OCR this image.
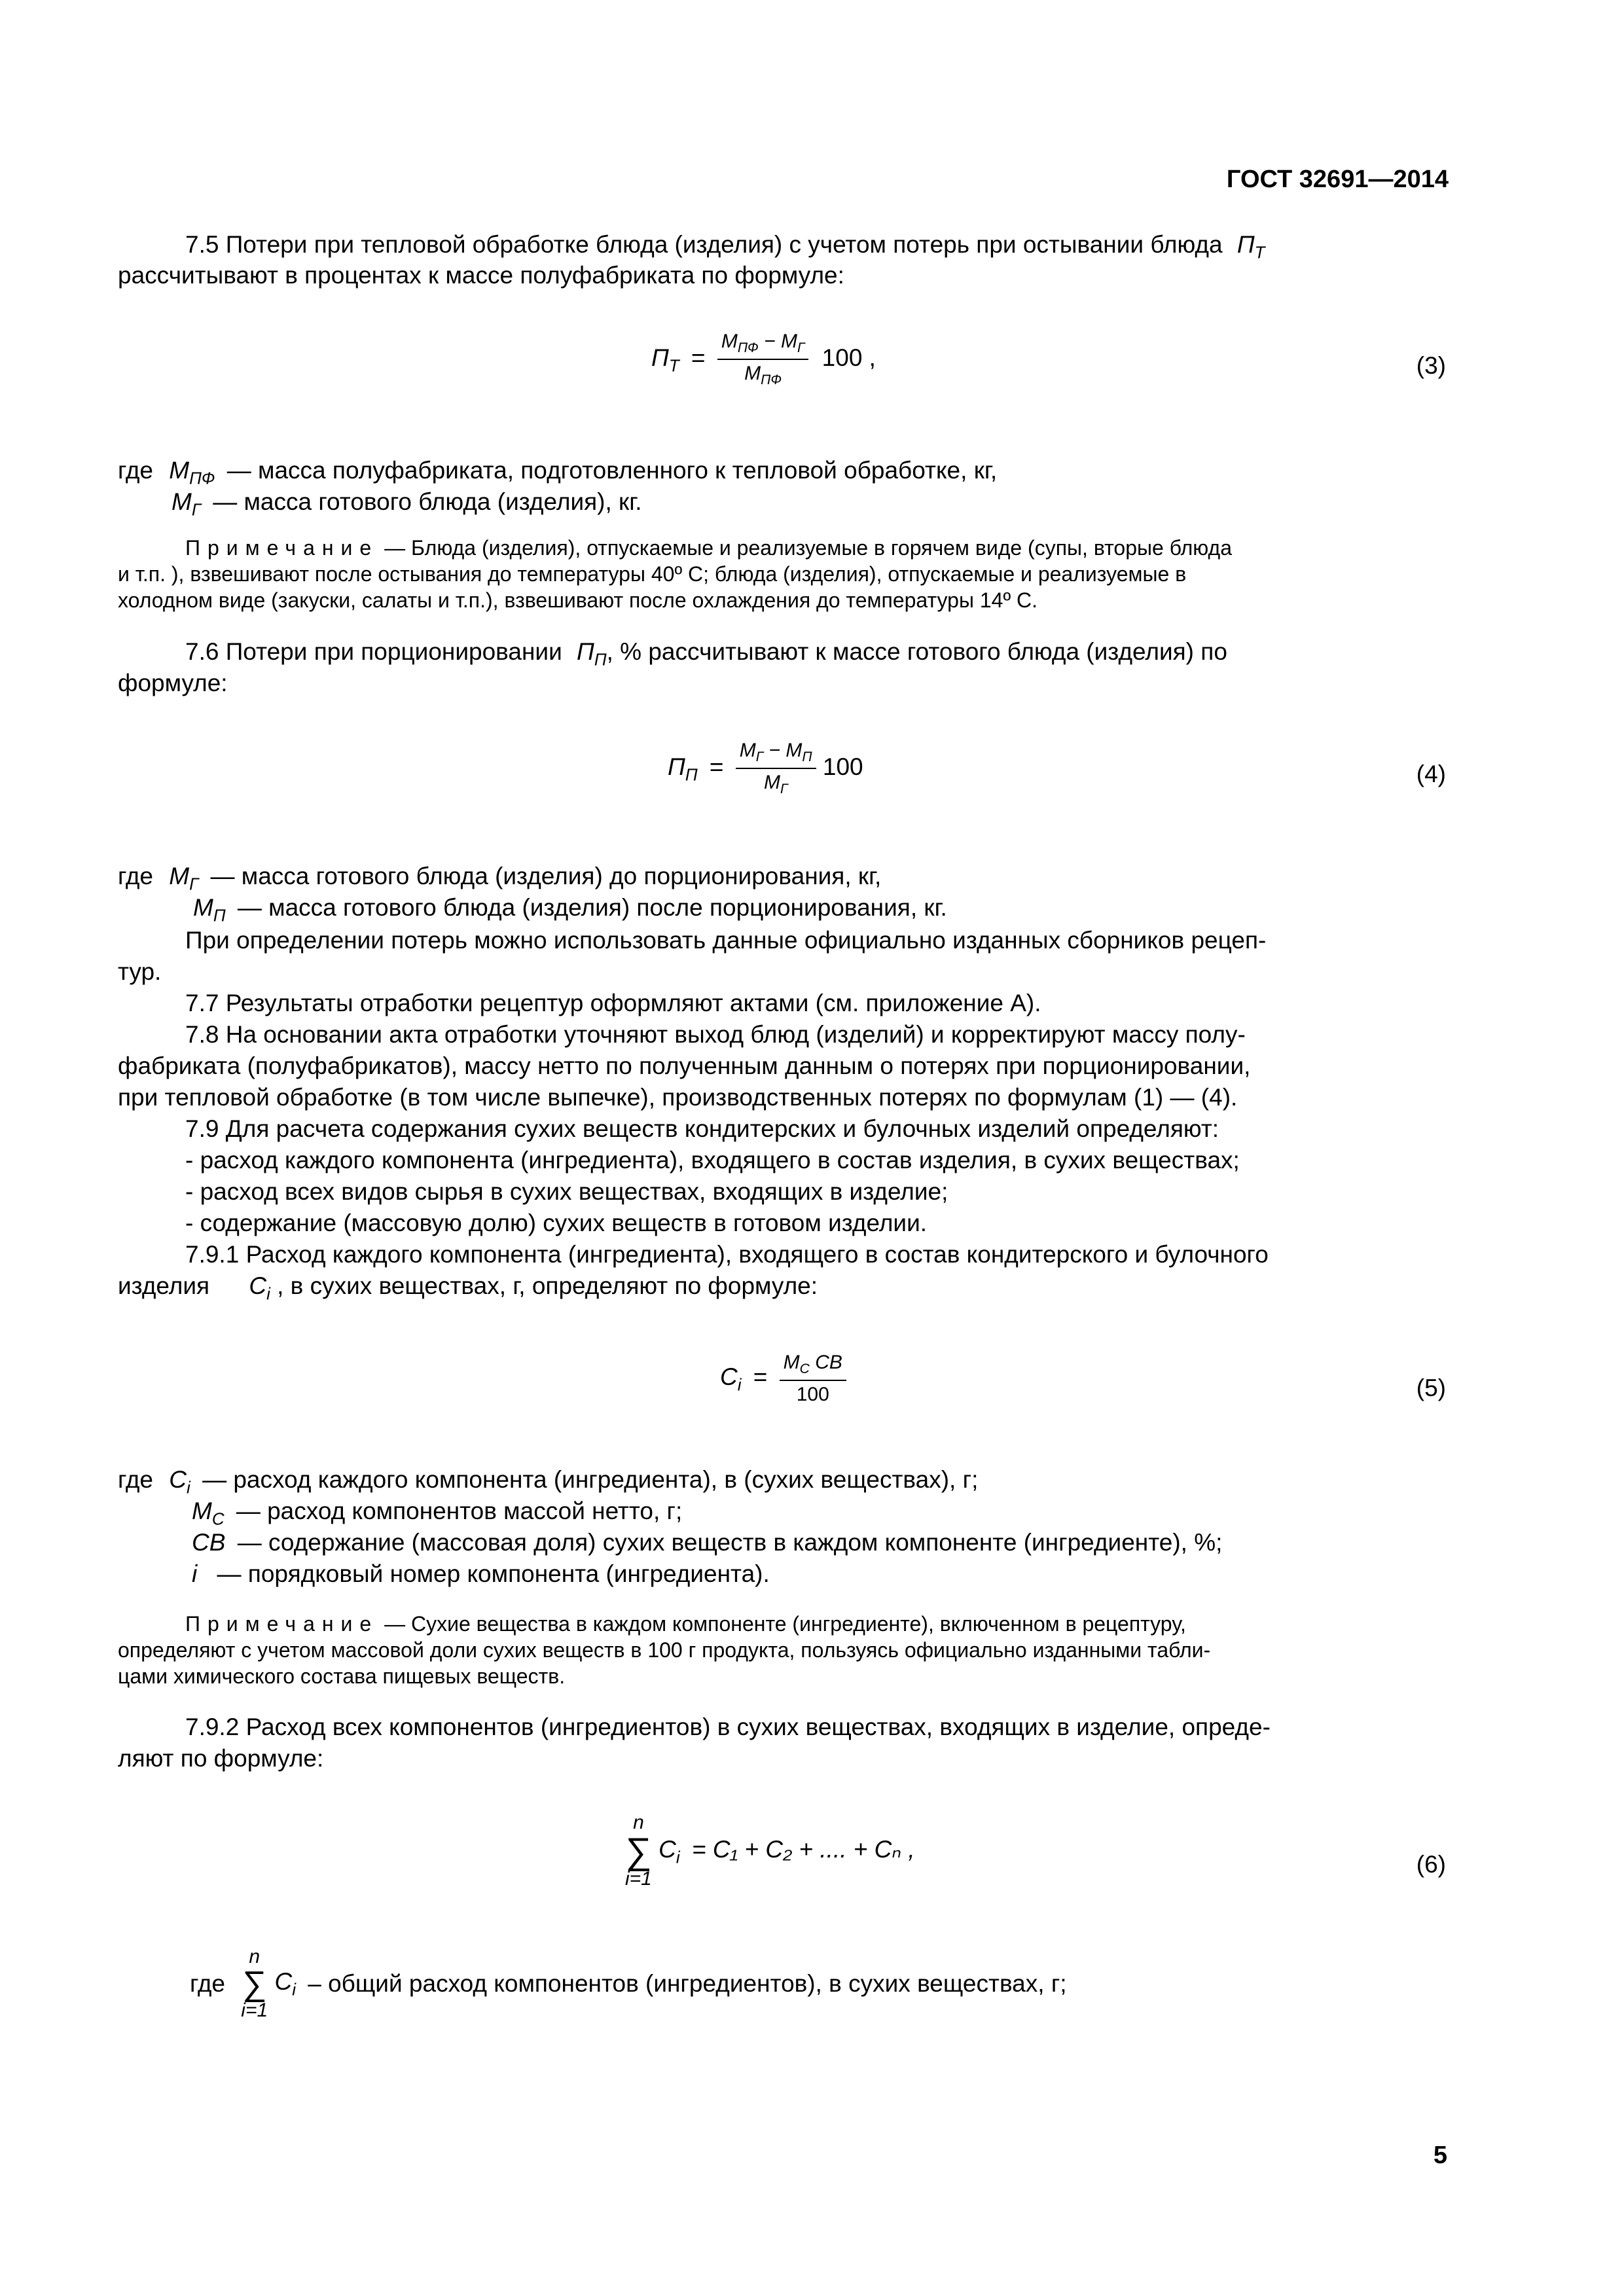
ГОСТ 32691—2014
7.5 Потери при тепловой обработке блюда (изделия) с учетом потерь при остывании блюда $П_Т$
рассчитывают в процентах к массе полуфабриката по формуле:
$П_Т = \frac{М_{ПФ} - М_Г}{М_{ПФ}} 100$ ,	(3)
где $М_{ПФ}$ — масса полуфабриката, подготовленного к тепловой обработке, кг,
$М_Г$ — масса готового блюда (изделия), кг.
Примечание — Блюда (изделия), отпускаемые и реализуемые в горячем виде (супы, вторые блюда
и т.п. ), взвешивают после остывания до температуры 40º С; блюда (изделия), отпускаемые и реализуемые в
холодном виде (закуски, салаты и т.п.), взвешивают после охлаждения до температуры 14º С.
7.6 Потери при порционировании $П_П$, % рассчитывают к массе готового блюда (изделия) по
формуле:
$П_П = \frac{М_Г - М_П}{М_Г} 100$	(4)
где $М_Г$ — масса готового блюда (изделия) до порционирования, кг,
$М_П$ — масса готового блюда (изделия) после порционирования, кг.
При определении потерь можно использовать данные официально изданных сборников рецеп-
тур.
7.7 Результаты отработки рецептур оформляют актами (см. приложение А).
7.8 На основании акта отработки уточняют выход блюд (изделий) и корректируют массу полу-
фабриката (полуфабрикатов), массу нетто по полученным данным о потерях при порционировании,
при тепловой обработке (в том числе выпечке), производственных потерях по формулам (1) — (4).
7.9 Для расчета содержания сухих веществ кондитерских и булочных изделий определяют:
- расход каждого компонента (ингредиента), входящего в состав изделия, в сухих веществах;
- расход всех видов сырья в сухих веществах, входящих в изделие;
- содержание (массовую долю) сухих веществ в готовом изделии.
7.9.1 Расход каждого компонента (ингредиента), входящего в состав кондитерского и булочного
изделия $С_i$ , в сухих веществах, г, определяют по формуле:
$С_i = \frac{М_С СВ}{100}$	(5)
где $С_i$ — расход каждого компонента (ингредиента), в (сухих веществах), г;
$М_С$ — расход компонентов массой нетто, г;
СВ — содержание (массовая доля) сухих веществ в каждом компоненте (ингредиенте), %;
i — порядковый номер компонента (ингредиента).
Примечание — Сухие вещества в каждом компоненте (ингредиенте), включенном в рецептуру,
определяют с учетом массовой доли сухих веществ в 100 г продукта, пользуясь официально изданными табли-
цами химического состава пищевых веществ.
7.9.2 Расход всех компонентов (ингредиентов) в сухих веществах, входящих в изделие, опреде-
ляют по формуле:
n
∑
i=1
$С_i = С_1 + С_2$ + .... + Сₙ ,
(6)
где
n
∑
i=1
$С_i$ – общий расход компонентов (ингредиентов), в сухих веществах, г;
5
